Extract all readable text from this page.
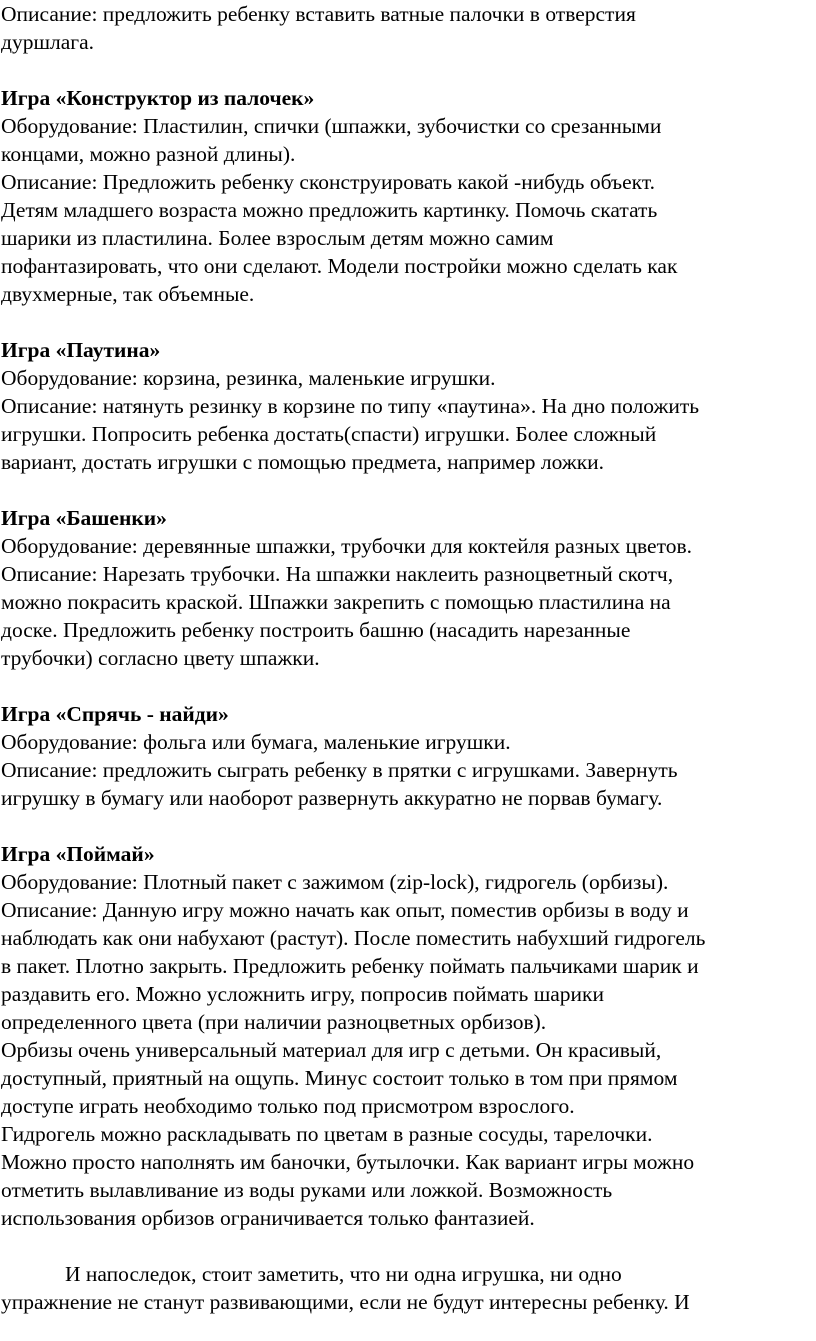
Описание: предложить ребенку вставить ватные палочки в отверстия
дуршлага.
Игра «Конструктор из палочек»
Оборудование: Пластилин, спички (шпажки, зубочистки со срезанными
концами, можно разной длины).
Описание: Предложить ребенку сконструировать какой -нибудь объект.
Детям младшего возраста можно предложить картинку. Помочь скатать
шарики из пластилина. Более взрослым детям можно самим
пофантазировать, что они сделают. Модели постройки можно сделать как
двухмерные, так объемные.
Игра «Паутина»
Оборудование: корзина, резинка, маленькие игрушки.
Описание: натянуть резинку в корзине по типу «паутина». На дно положить
игрушки. Попросить ребенка достать(спасти) игрушки. Более сложный
вариант, достать игрушки с помощью предмета, например ложки.
Игра «Башенки»
Оборудование: деревянные шпажки, трубочки для коктейля разных цветов.
Описание: Нарезать трубочки. На шпажки наклеить разноцветный скотч,
можно покрасить краской. Шпажки закрепить с помощью пластилина на
доске. Предложить ребенку построить башню (насадить нарезанные
трубочки) согласно цвету шпажки.
Игра «Спрячь - найди»
Оборудование: фольга или бумага, маленькие игрушки.
Описание: предложить сыграть ребенку в прятки с игрушками. Завернуть
игрушку в бумагу или наоборот развернуть аккуратно не порвав бумагу.
Игра «Поймай»
Оборудование: Плотный пакет с зажимом (zip-lock), гидрогель (орбизы).
Описание: Данную игру можно начать как опыт, поместив орбизы в воду и
наблюдать как они набухают (растут). После поместить набухший гидрогель
в пакет. Плотно закрыть. Предложить ребенку поймать пальчиками шарик и
раздавить его. Можно усложнить игру, попросив поймать шарики
определенного цвета (при наличии разноцветных орбизов).
Орбизы очень универсальный материал для игр с детьми. Он красивый,
доступный, приятный на ощупь. Минус состоит только в том при прямом
доступе играть необходимо только под присмотром взрослого.
Гидрогель можно раскладывать по цветам в разные сосуды, тарелочки.
Можно просто наполнять им баночки, бутылочки. Как вариант игры можно
отметить вылавливание из воды руками или ложкой. Возможность
использования орбизов ограничивается только фантазией.
И напоследок, стоит заметить, что ни одна игрушка, ни одно
упражнение не станут развивающими, если не будут интересны ребенку. И
